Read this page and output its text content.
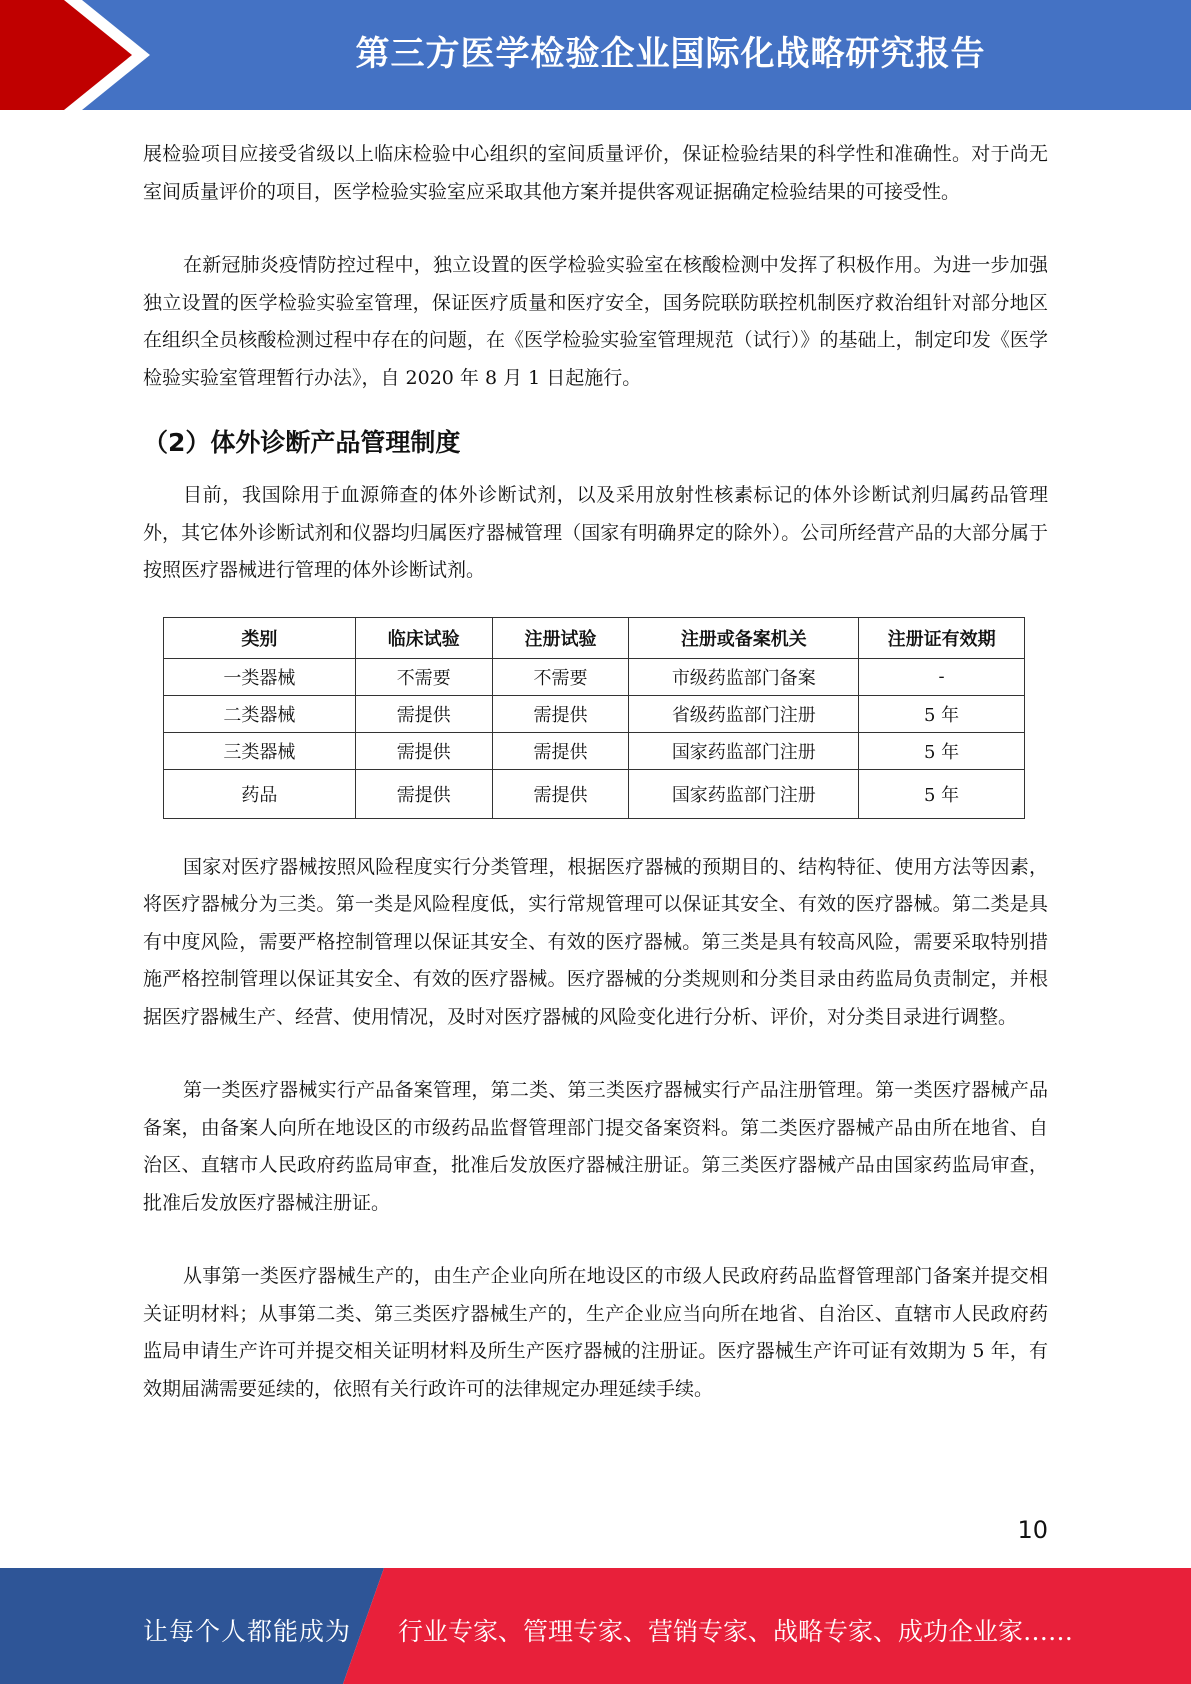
第三方医学检验企业国际化战略研究报告

展检验项目应接受省级以上临床检验中心组织的室间质量评价，保证检验结果的科学性和准确性。对于尚无室间质量评价的项目，医学检验实验室应采取其他方案并提供客观证据确定检验结果的可接受性。

在新冠肺炎疫情防控过程中，独立设置的医学检验实验室在核酸检测中发挥了积极作用。为进一步加强独立设置的医学检验实验室管理，保证医疗质量和医疗安全，国务院联防联控机制医疗救治组针对部分地区在组织全员核酸检测过程中存在的问题，在《医学检验实验室管理规范（试行）》的基础上，制定印发《医学检验实验室管理暂行办法》，自 2020 年 8 月 1 日起施行。

（2）体外诊断产品管理制度

目前，我国除用于血源筛查的体外诊断试剂，以及采用放射性核素标记的体外诊断试剂归属药品管理外，其它体外诊断试剂和仪器均归属医疗器械管理（国家有明确界定的除外）。公司所经营产品的大部分属于按照医疗器械进行管理的体外诊断试剂。

类别	临床试验	注册试验	注册或备案机关	注册证有效期
一类器械	不需要	不需要	市级药监部门备案	-
二类器械	需提供	需提供	省级药监部门注册	5 年
三类器械	需提供	需提供	国家药监部门注册	5 年
药品	需提供	需提供	国家药监部门注册	5 年

国家对医疗器械按照风险程度实行分类管理，根据医疗器械的预期目的、结构特征、使用方法等因素，将医疗器械分为三类。第一类是风险程度低，实行常规管理可以保证其安全、有效的医疗器械。第二类是具有中度风险，需要严格控制管理以保证其安全、有效的医疗器械。第三类是具有较高风险，需要采取特别措施严格控制管理以保证其安全、有效的医疗器械。医疗器械的分类规则和分类目录由药监局负责制定，并根据医疗器械生产、经营、使用情况，及时对医疗器械的风险变化进行分析、评价，对分类目录进行调整。

第一类医疗器械实行产品备案管理，第二类、第三类医疗器械实行产品注册管理。第一类医疗器械产品备案，由备案人向所在地设区的市级药品监督管理部门提交备案资料。第二类医疗器械产品由所在地省、自治区、直辖市人民政府药监局审查，批准后发放医疗器械注册证。第三类医疗器械产品由国家药监局审查，批准后发放医疗器械注册证。

从事第一类医疗器械生产的，由生产企业向所在地设区的市级人民政府药品监督管理部门备案并提交相关证明材料；从事第二类、第三类医疗器械生产的，生产企业应当向所在地省、自治区、直辖市人民政府药监局申请生产许可并提交相关证明材料及所生产医疗器械的注册证。医疗器械生产许可证有效期为 5 年，有效期届满需要延续的，依照有关行政许可的法律规定办理延续手续。

10
让每个人都能成为 行业专家、管理专家、营销专家、战略专家、成功企业家……
